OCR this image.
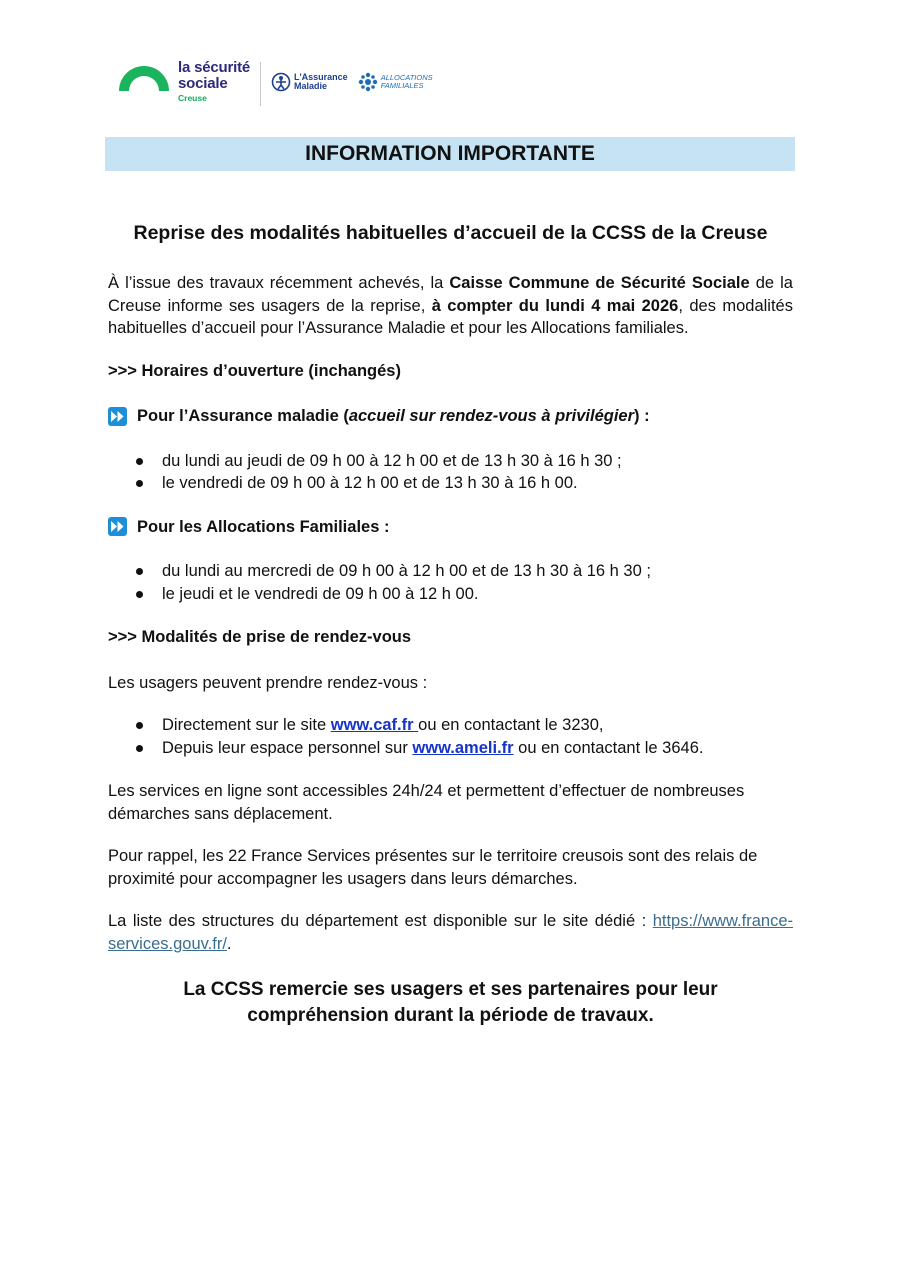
la sécurité
sociale
Creuse
L'Assurance
Maladie
ALLOCATIONS
FAMILIALES
INFORMATION IMPORTANTE
Reprise des modalités habituelles d’accueil de la CCSS de la Creuse

À l’issue des travaux récemment achevés, la Caisse Commune de Sécurité Sociale de la Creuse informe ses usagers de la reprise, à compter du lundi 4 mai 2026, des modalités habituelles d’accueil pour l’Assurance Maladie et pour les Allocations familiales.

>>> Horaires d’ouverture (inchangés)
Pour l’Assurance maladie (accueil sur rendez-vous à privilégier) :
du lundi au jeudi de 09 h 00 à 12 h 00 et de 13 h 30 à 16 h 30 ;
le vendredi de 09 h 00 à 12 h 00 et de 13 h 30 à 16 h 00.
Pour les Allocations Familiales :
du lundi au mercredi de 09 h 00 à 12 h 00 et de 13 h 30 à 16 h 30 ;
le jeudi et le vendredi de 09 h 00 à 12 h 00.
>>> Modalités de prise de rendez-vous

Les usagers peuvent prendre rendez-vous :

Directement sur le site www.caf.fr ou en contactant le 3230,
Depuis leur espace personnel sur www.ameli.fr ou en contactant le 3646.

Les services en ligne sont accessibles 24h/24 et permettent d’effectuer de nombreuses démarches sans déplacement.

Pour rappel, les 22 France Services présentes sur le territoire creusois sont des relais de proximité pour accompagner les usagers dans leurs démarches.

La liste des structures du département est disponible sur le site dédié : https://www.france-services.gouv.fr/.

La CCSS remercie ses usagers et ses partenaires pour leur
compréhension durant la période de travaux.
